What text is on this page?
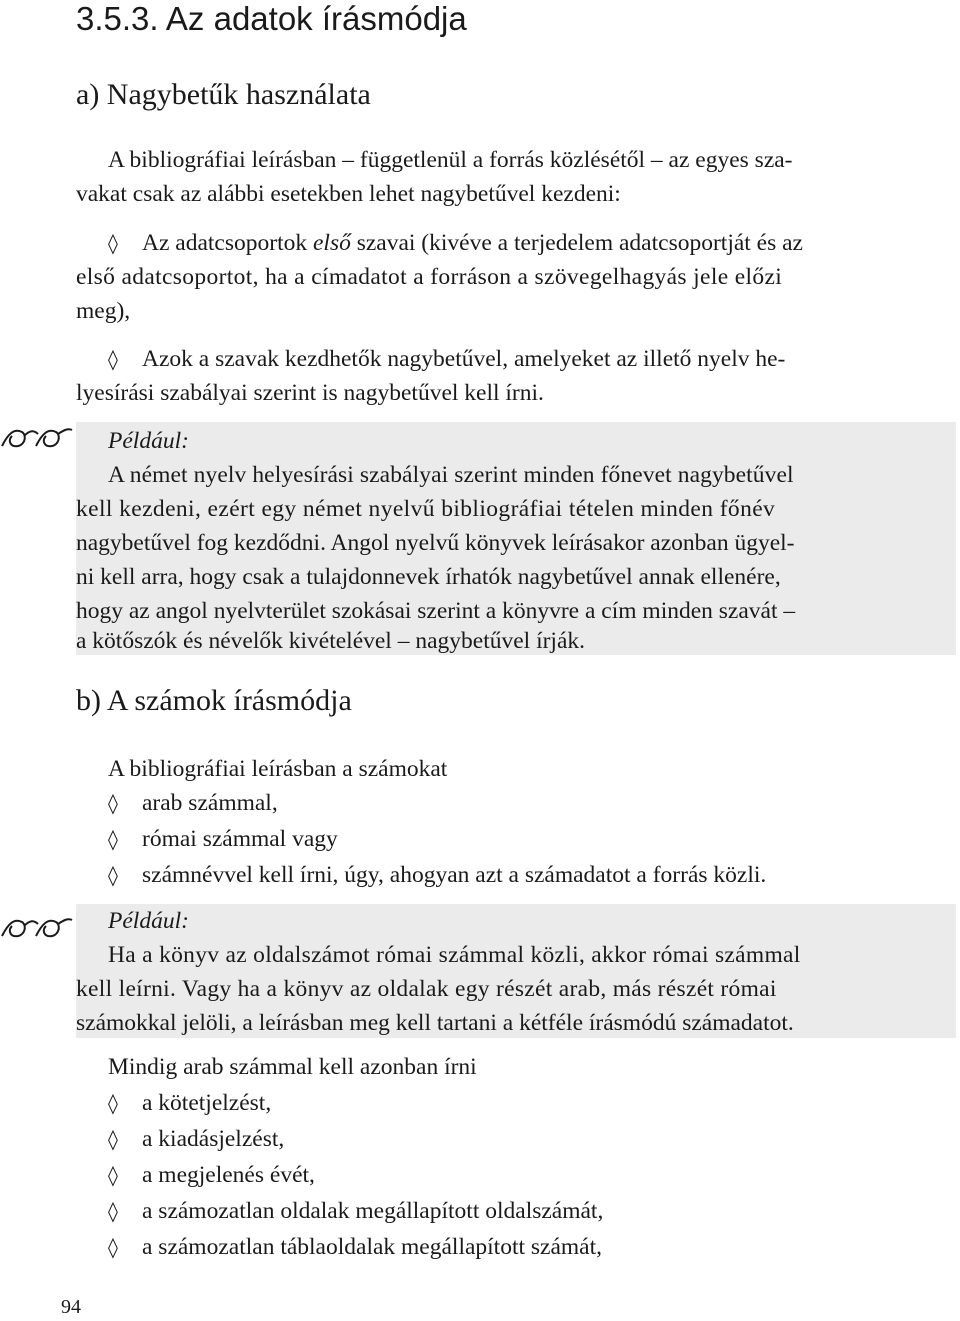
3.5.3. Az adatok írásmódja
a) Nagybetűk használata
A bibliográfiai leírásban – függetlenül a forrás közlésétől – az egyes sza-
vakat csak az alábbi esetekben lehet nagybetűvel kezdeni:
◊ Az adatcsoportok első szavai (kivéve a terjedelem adatcsoportját és az
első adatcsoportot, ha a címadatot a forráson a szövegelhagyás jele előzi
meg),
◊ Azok a szavak kezdhetők nagybetűvel, amelyeket az illető nyelv he-
lyesírási szabályai szerint is nagybetűvel kell írni.
Például:
A német nyelv helyesírási szabályai szerint minden főnevet nagybetűvel
kell kezdeni, ezért egy német nyelvű bibliográfiai tételen minden főnév
nagybetűvel fog kezdődni. Angol nyelvű könyvek leírásakor azonban ügyel-
ni kell arra, hogy csak a tulajdonnevek írhatók nagybetűvel annak ellenére,
hogy az angol nyelvterület szokásai szerint a könyvre a cím minden szavát –
a kötőszók és névelők kivételével – nagybetűvel írják.
b) A számok írásmódja
A bibliográfiai leírásban a számokat
◊ arab számmal,
◊ római számmal vagy
◊ számnévvel kell írni, úgy, ahogyan azt a számadatot a forrás közli.
Például:
Ha a könyv az oldalszámot római számmal közli, akkor római számmal
kell leírni. Vagy ha a könyv az oldalak egy részét arab, más részét római
számokkal jelöli, a leírásban meg kell tartani a kétféle írásmódú számadatot.
Mindig arab számmal kell azonban írni
◊ a kötetjelzést,
◊ a kiadásjelzést,
◊ a megjelenés évét,
◊ a számozatlan oldalak megállapított oldalszámát,
◊ a számozatlan táblaoldalak megállapított számát,
94
